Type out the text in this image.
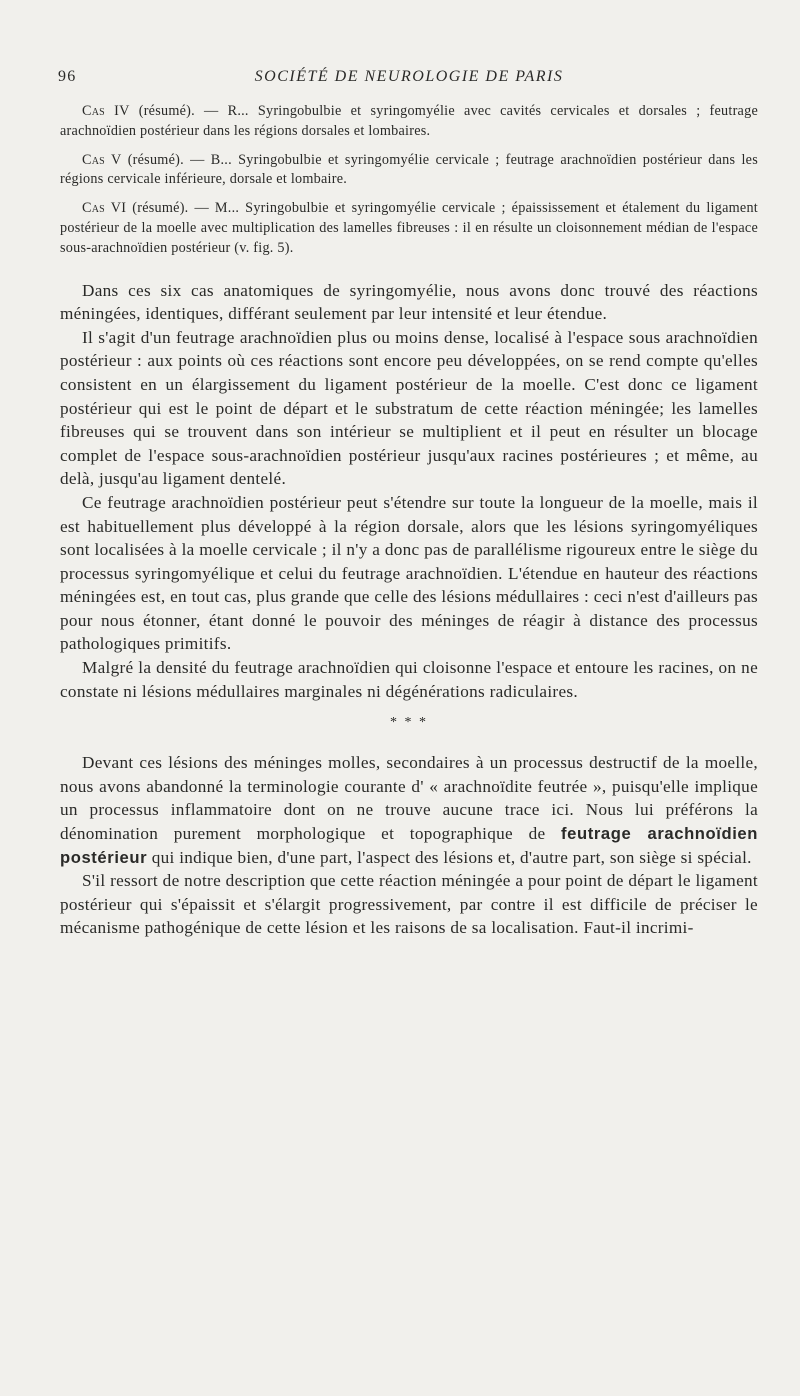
96	SOCIÉTÉ DE NEUROLOGIE DE PARIS

Cas IV (résumé). — R... Syringobulbie et syringomyélie avec cavités cervicales et dorsales ; feutrage arachnoïdien postérieur dans les régions dorsales et lombaires.

Cas V (résumé). — B... Syringobulbie et syringomyélie cervicale ; feutrage arachnoïdien postérieur dans les régions cervicale inférieure, dorsale et lombaire.

Cas VI (résumé). — M... Syringobulbie et syringomyélie cervicale ; épaississement et étalement du ligament postérieur de la moelle avec multiplication des lamelles fibreuses : il en résulte un cloisonnement médian de l'espace sous-arachnoïdien postérieur (v. fig. 5).

Dans ces six cas anatomiques de syringomyélie, nous avons donc trouvé des réactions méningées, identiques, différant seulement par leur intensité et leur étendue.

Il s'agit d'un feutrage arachnoïdien plus ou moins dense, localisé à l'espace sous arachnoïdien postérieur : aux points où ces réactions sont encore peu développées, on se rend compte qu'elles consistent en un élargissement du ligament postérieur de la moelle. C'est donc ce ligament postérieur qui est le point de départ et le substratum de cette réaction méningée; les lamelles fibreuses qui se trouvent dans son intérieur se multiplient et il peut en résulter un blocage complet de l'espace sous-arachnoïdien postérieur jusqu'aux racines postérieures ; et même, au delà, jusqu'au ligament dentelé.

Ce feutrage arachnoïdien postérieur peut s'étendre sur toute la longueur de la moelle, mais il est habituellement plus développé à la région dorsale, alors que les lésions syringomyéliques sont localisées à la moelle cervicale ; il n'y a donc pas de parallélisme rigoureux entre le siège du processus syringomyélique et celui du feutrage arachnoïdien. L'étendue en hauteur des réactions méningées est, en tout cas, plus grande que celle des lésions médullaires : ceci n'est d'ailleurs pas pour nous étonner, étant donné le pouvoir des méninges de réagir à distance des processus pathologiques primitifs.

Malgré la densité du feutrage arachnoïdien qui cloisonne l'espace et entoure les racines, on ne constate ni lésions médullaires marginales ni dégénérations radiculaires.

* * *

Devant ces lésions des méninges molles, secondaires à un processus destructif de la moelle, nous avons abandonné la terminologie courante d' « arachnoïdite feutrée », puisqu'elle implique un processus inflammatoire dont on ne trouve aucune trace ici. Nous lui préférons la dénomination purement morphologique et topographique de feutrage arachnoïdien postérieur qui indique bien, d'une part, l'aspect des lésions et, d'autre part, son siège si spécial.

S'il ressort de notre description que cette réaction méningée a pour point de départ le ligament postérieur qui s'épaissit et s'élargit progressivement, par contre il est difficile de préciser le mécanisme pathogénique de cette lésion et les raisons de sa localisation. Faut-il incrimi-
